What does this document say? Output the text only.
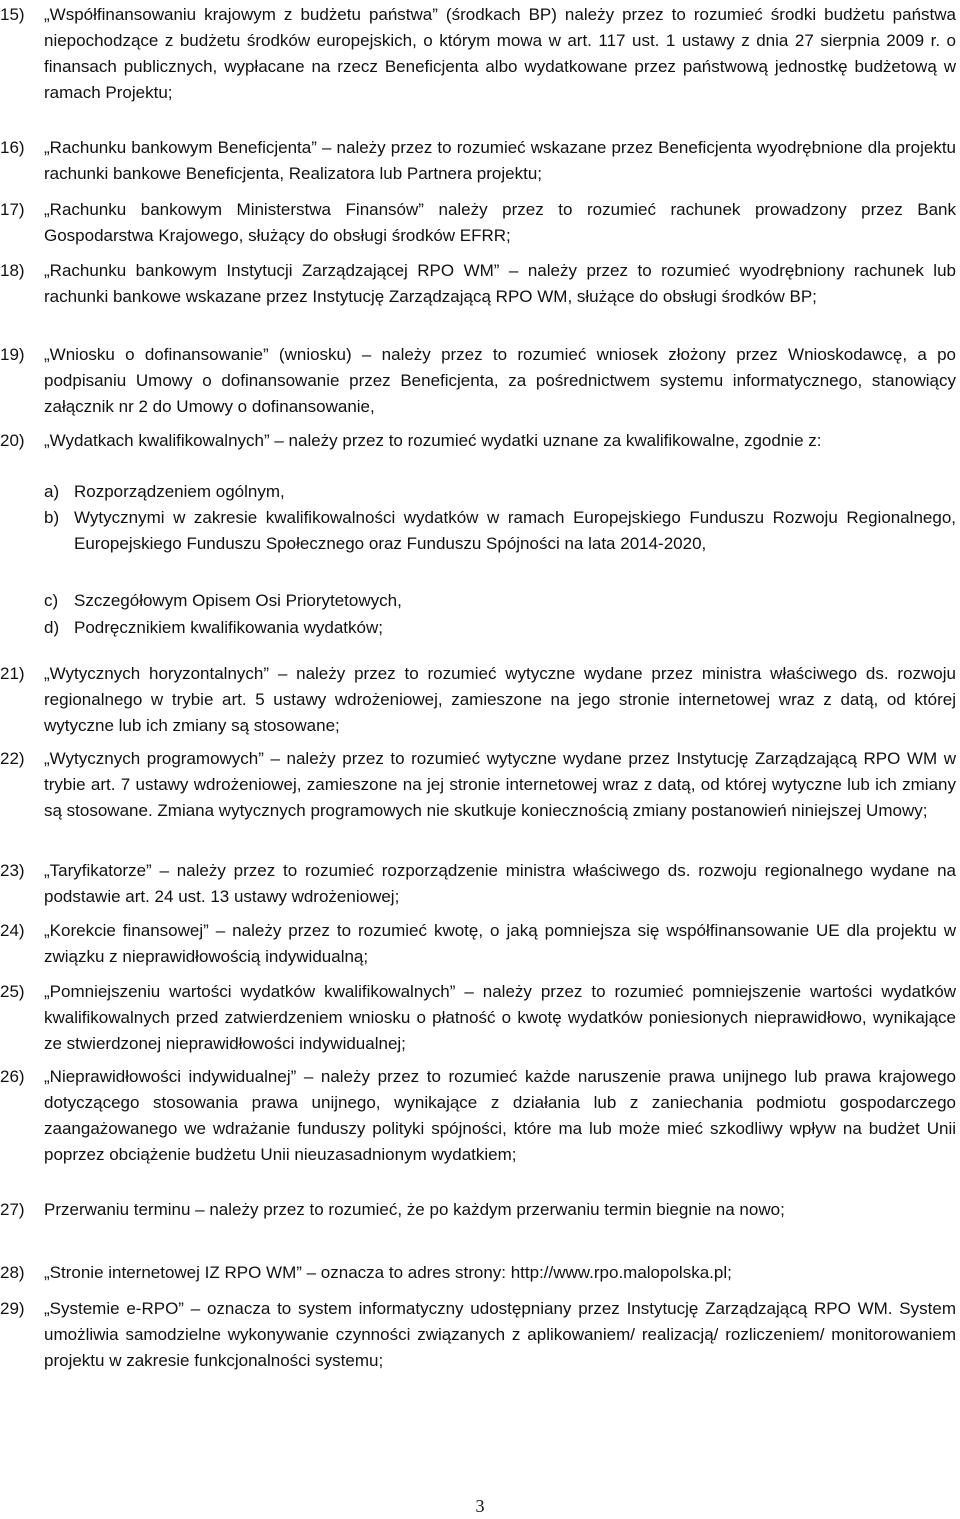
15)	„Współfinansowaniu krajowym z budżetu państwa” (środkach BP) należy przez to rozumieć środki budżetu państwa niepochodzące z budżetu środków europejskich, o którym mowa w art. 117 ust. 1 ustawy z dnia 27 sierpnia 2009 r. o finansach publicznych, wypłacane na rzecz Beneficjenta albo wydatkowane przez państwową jednostkę budżetową w ramach Projektu;
16)	„Rachunku bankowym Beneficjenta” – należy przez to rozumieć wskazane przez Beneficjenta wyodrębnione dla projektu rachunki bankowe Beneficjenta, Realizatora lub Partnera projektu;
17)	„Rachunku bankowym Ministerstwa Finansów” należy przez to rozumieć rachunek prowadzony przez Bank Gospodarstwa Krajowego, służący do obsługi środków EFRR;
18)	„Rachunku bankowym Instytucji Zarządzającej RPO WM” – należy przez to rozumieć wyodrębniony rachunek lub rachunki bankowe wskazane przez Instytucję Zarządzającą RPO WM, służące do obsługi środków BP;
19)	„Wniosku o dofinansowanie” (wniosku) – należy przez to rozumieć wniosek złożony przez Wnioskodawcę, a po podpisaniu Umowy o dofinansowanie przez Beneficjenta, za pośrednictwem systemu informatycznego, stanowiący załącznik nr 2 do Umowy o dofinansowanie,
20)	„Wydatkach kwalifikowalnych” – należy przez to rozumieć wydatki uznane za kwalifikowalne, zgodnie z:
a) Rozporządzeniem ogólnym,
b) Wytycznymi w zakresie kwalifikowalności wydatków w ramach Europejskiego Funduszu Rozwoju Regionalnego, Europejskiego Funduszu Społecznego oraz Funduszu Spójności na lata 2014-2020,
c) Szczegółowym Opisem Osi Priorytetowych,
d) Podręcznikiem kwalifikowania wydatków;
21)	„Wytycznych horyzontalnych” – należy przez to rozumieć wytyczne wydane przez ministra właściwego ds. rozwoju regionalnego w trybie art. 5 ustawy wdrożeniowej, zamieszone na jego stronie internetowej wraz z datą, od której wytyczne lub ich zmiany są stosowane;
22)	„Wytycznych programowych” – należy przez to rozumieć wytyczne wydane przez Instytucję Zarządzającą RPO WM w trybie art. 7 ustawy wdrożeniowej, zamieszone na jej stronie internetowej wraz z datą, od której wytyczne lub ich zmiany są stosowane. Zmiana wytycznych programowych nie skutkuje koniecznością zmiany postanowień niniejszej Umowy;
23)	„Taryfikatorze” – należy przez to rozumieć rozporządzenie ministra właściwego ds. rozwoju regionalnego wydane na podstawie art. 24 ust. 13 ustawy wdrożeniowej;
24)	„Korekcie finansowej” – należy przez to rozumieć kwotę, o jaką pomniejsza się współfinansowanie UE dla projektu w związku z nieprawidłowością indywidualną;
25)	„Pomniejszeniu wartości wydatków kwalifikowalnych” – należy przez to rozumieć pomniejszenie wartości wydatków kwalifikowalnych przed zatwierdzeniem wniosku o płatność o kwotę wydatków poniesionych nieprawidłowo, wynikające ze stwierdzonej nieprawidłowości indywidualnej;
26)	„Nieprawidłowości indywidualnej” – należy przez to rozumieć każde naruszenie prawa unijnego lub prawa krajowego dotyczącego stosowania prawa unijnego, wynikające z działania lub z zaniechania podmiotu gospodarczego zaangażowanego we wdrażanie funduszy polityki spójności, które ma lub może mieć szkodliwy wpływ na budżet Unii poprzez obciążenie budżetu Unii nieuzasadnionym wydatkiem;
27)	Przerwaniu terminu – należy przez to rozumieć, że po każdym przerwaniu termin biegnie na nowo;
28)	„Stronie internetowej IZ RPO WM” – oznacza to adres strony: http://www.rpo.malopolska.pl;
29)	„Systemie e-RPO” – oznacza to system informatyczny udostępniany przez Instytucję Zarządzającą RPO WM. System umożliwia samodzielne wykonywanie czynności związanych z aplikowaniem/ realizacją/ rozliczeniem/ monitorowaniem projektu w zakresie funkcjonalności systemu;
3
